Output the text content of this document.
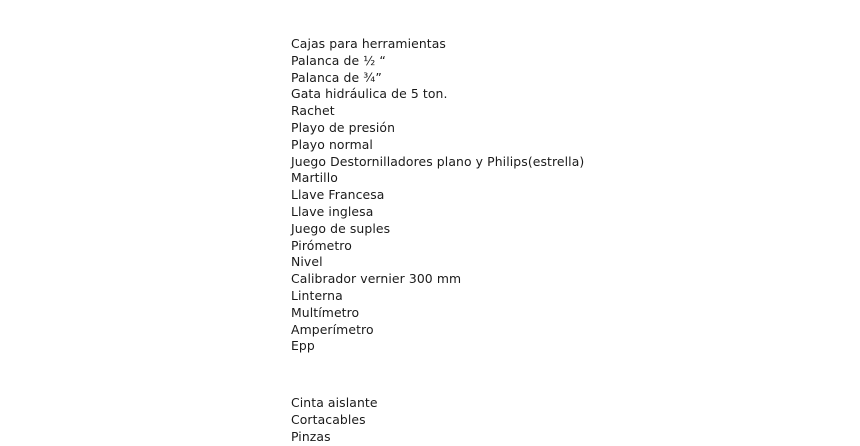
Cajas para herramientas
Palanca de ½ “
Palanca de ¾”
Gata hidráulica de 5 ton.
Rachet
Playo de presión
Playo normal
Juego Destornilladores plano y Philips(estrella)
Martillo
Llave Francesa
Llave inglesa
Juego de suples
Pirómetro
Nivel
Calibrador vernier 300 mm
Linterna
Multímetro
Amperímetro
Epp
Cinta aislante
Cortacables
Pinzas
